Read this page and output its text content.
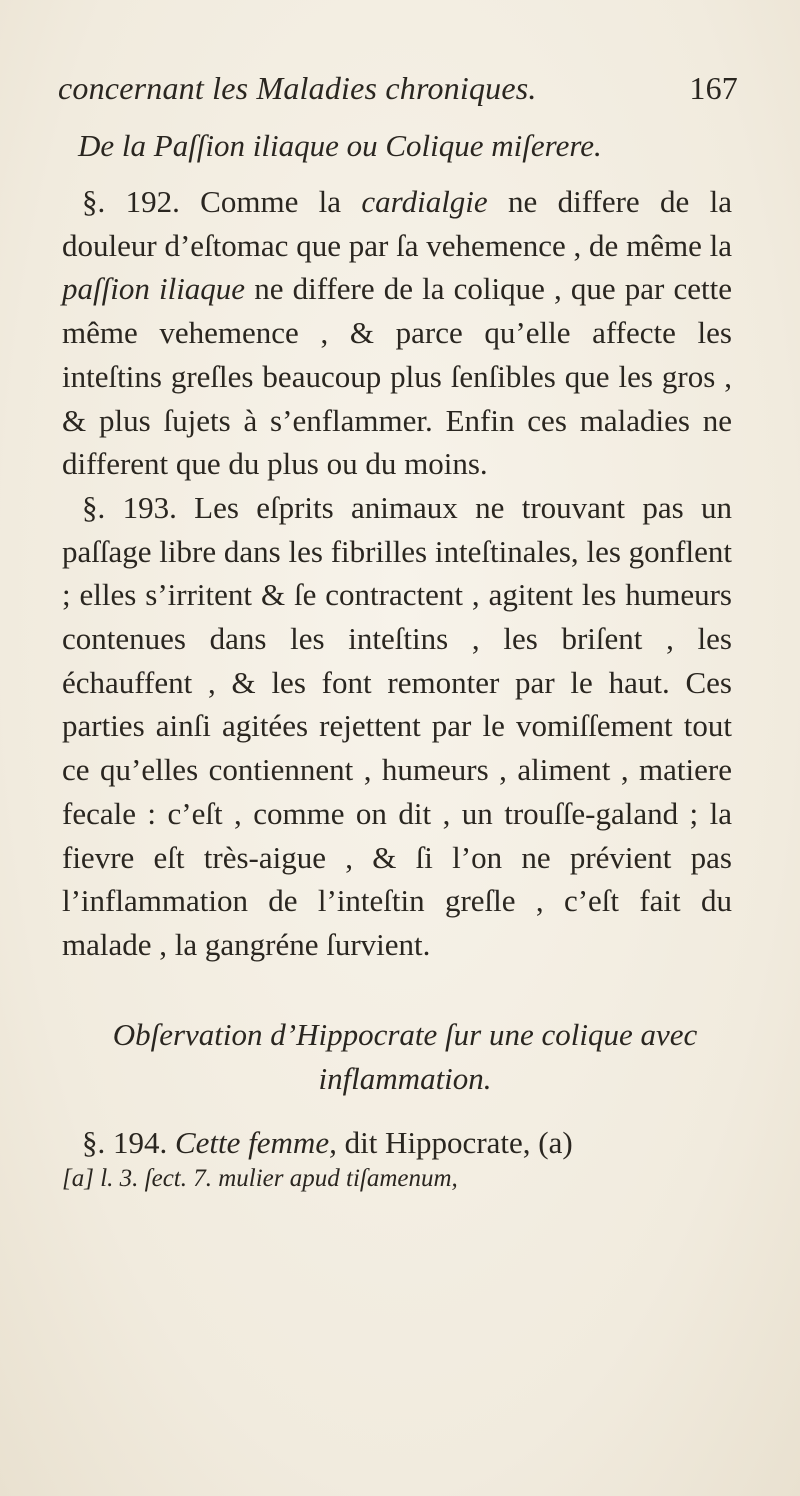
concernant les Maladies chroniques.	167
De la Paſſion iliaque ou Colique miſerere.

§. 192. Comme la cardialgie ne differe de la douleur d’eſtomac que par ſa vehemence , de même la paſſion iliaque ne differe de la colique , que par cette même vehemence , & parce qu’elle affecte les inteſtins greſles beaucoup plus ſenſibles que les gros , & plus ſujets à s’enflammer. Enfin ces maladies ne different que du plus ou du moins.

§. 193. Les eſprits animaux ne trouvant pas un paſſage libre dans les fibrilles inteſtinales, les gonflent ; elles s’irritent & ſe contractent , agitent les humeurs contenues dans les inteſtins , les briſent , les échauffent , & les font remonter par le haut. Ces parties ainſi agitées rejettent par le vomiſſement tout ce qu’elles contiennent , humeurs , aliment , matiere fecale : c’eſt , comme on dit , un trouſſe-galand ; la fievre eſt très-aigue , & ſi l’on ne prévient pas l’inflammation de l’inteſtin greſle , c’eſt fait du malade , la gangréne ſurvient.

Obſervation d’Hippocrate ſur une colique avec inflammation.

§. 194. Cette femme, dit Hippocrate, (a)

[a] l. 3. ſect. 7. mulier apud tiſamenum,
